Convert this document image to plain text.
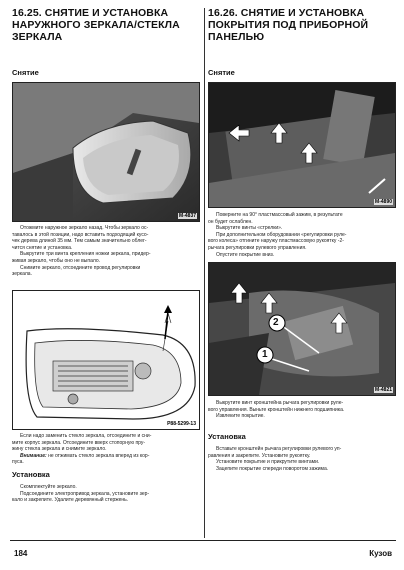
16.25. СНЯТИЕ И УСТАНОВКА
НАРУЖНОГО ЗЕРКАЛА/СТЕКЛА
ЗЕРКАЛА
Снятие
M-4837
Отожмите наружное зеркало назад. Чтобы зеркало ос-
тавалось в этой позиции, надо вставить подходящий кусо-
чек дерева длиной 35 мм. Тем самым значительно облег-
чится снятие и установка.
Выкрутите три винта крепления ножки зеркала, придер-
живая зеркало, чтобы оно не выпало.
Снимите зеркало, отсоедините провод регулировки
зеркала.
P88-5299-13
Если надо заменить стекло зеркала, отсоедините и сни-
мите корпус зеркала. Отсоедините вверх стопорную пру-
жину стекла зеркала и снимите зеркало.
Внимание: не отжимать стекло зеркала вперед из кор-
пуса.
Установка
Скомплектуйте зеркало.
Подсоедините электропривод зеркала, установите зер-
кало и закрепите. Удалите деревянный стержень.
16.26. СНЯТИЕ И УСТАНОВКА
ПОКРЫТИЯ ПОД ПРИБОРНОЙ
ПАНЕЛЬЮ
Снятие
M-4890
Поверните на 90° пластмассовый зажим, в результате
он будет ослаблен.
Выкрутите винты «стрелки».
При дополнительном оборудовании «регулировки руле-
вого колеса» отгините наружу пластмассовую рукоятку -2-
рычага регулировки рулевого управления.
Опустите покрытие вниз.
2
1
M-4821
Выкрутите винт кронштейна рычага регулировки руле-
вого управления. Выньте кронштейн нижнего подшипника.
Извлеките покрытие.
Установка
Вставьте кронштейн рычага регулировки рулевого уп-
равления и закрепите. Установите рукоятку.
Установите покрытие и прикрутите винтами.
Зацепите покрытие спереди поворотом зажима.
184	Кузов
